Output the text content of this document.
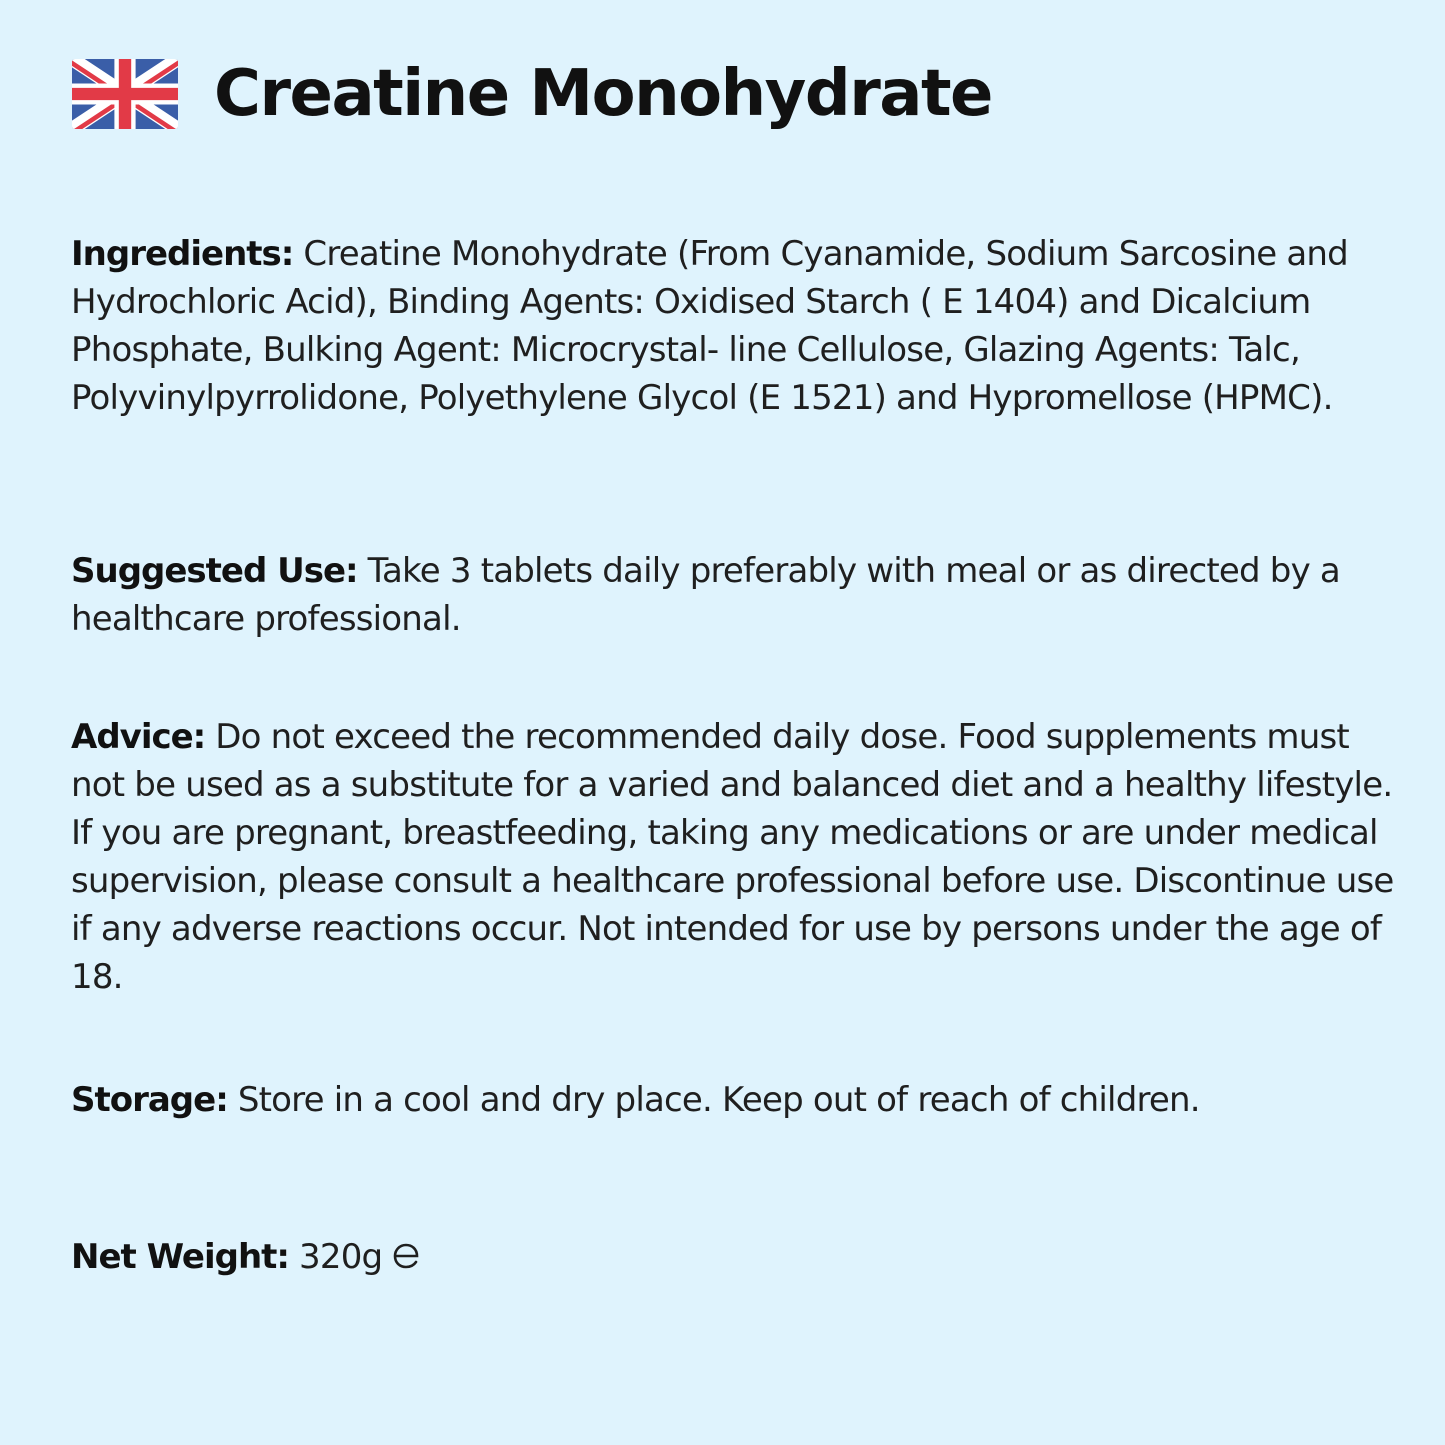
Creatine Monohydrate

Ingredients: Creatine Monohydrate (From Cyanamide, Sodium Sarcosine and Hydrochloric Acid), Binding Agents: Oxidised Starch ( E 1404) and Dicalcium Phosphate, Bulking Agent: Microcrystal- line Cellulose, Glazing Agents: Talc, Polyvinylpyrrolidone, Polyethylene Glycol (E 1521) and Hypromellose (HPMC).

Suggested Use: Take 3 tablets daily preferably with meal or as directed by a healthcare professional.

Advice: Do not exceed the recommended daily dose. Food supplements must not be used as a substitute for a varied and balanced diet and a healthy lifestyle. If you are pregnant, breastfeeding, taking any medications or are under medical supervision, please consult a healthcare professional before use. Discontinue use if any adverse reactions occur. Not intended for use by persons under the age of 18.

Storage: Store in a cool and dry place. Keep out of reach of children.

Net Weight: 320g
